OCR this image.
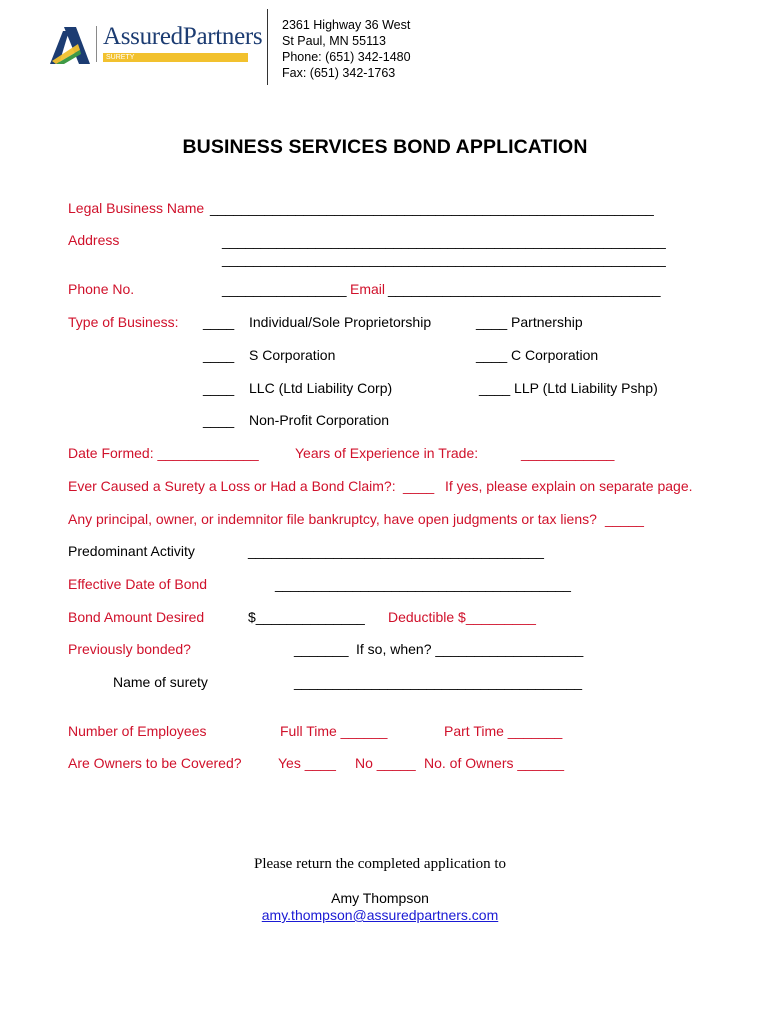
AssuredPartners
SURETY
2361 Highway 36 West
St Paul, MN 55113
Phone: (651) 342-1480
Fax: (651) 342-1763
BUSINESS SERVICES BOND APPLICATION
Legal Business Name _________________________________________________________
Address	_________________________________________________________
_________________________________________________________
Phone No.	________________ Email ___________________________________
Type of Business: ____ Individual/Sole Proprietorship	____ Partnership
____ S Corporation	____ C Corporation
____ LLC (Ltd Liability Corp)	____ LLP (Ltd Liability Pshp)
____ Non-Profit Corporation
Date Formed: _____________	Years of Experience in Trade:	____________
Ever Caused a Surety a Loss or Had a Bond Claim?: ____ If yes, please explain on separate page.
Any principal, owner, or indemnitor file bankruptcy, have open judgments or tax liens? _____
Predominant Activity	______________________________________
Effective Date of Bond	______________________________________
Bond Amount Desired	$______________ Deductible $_________
Previously bonded?	_______ If so, when? ___________________
Name of surety	_____________________________________
Number of Employees	Full Time ______	Part Time _______
Are Owners to be Covered?	Yes ____ No _____ No. of Owners ______
Please return the completed application to
Amy Thompson
amy.thompson@assuredpartners.com
